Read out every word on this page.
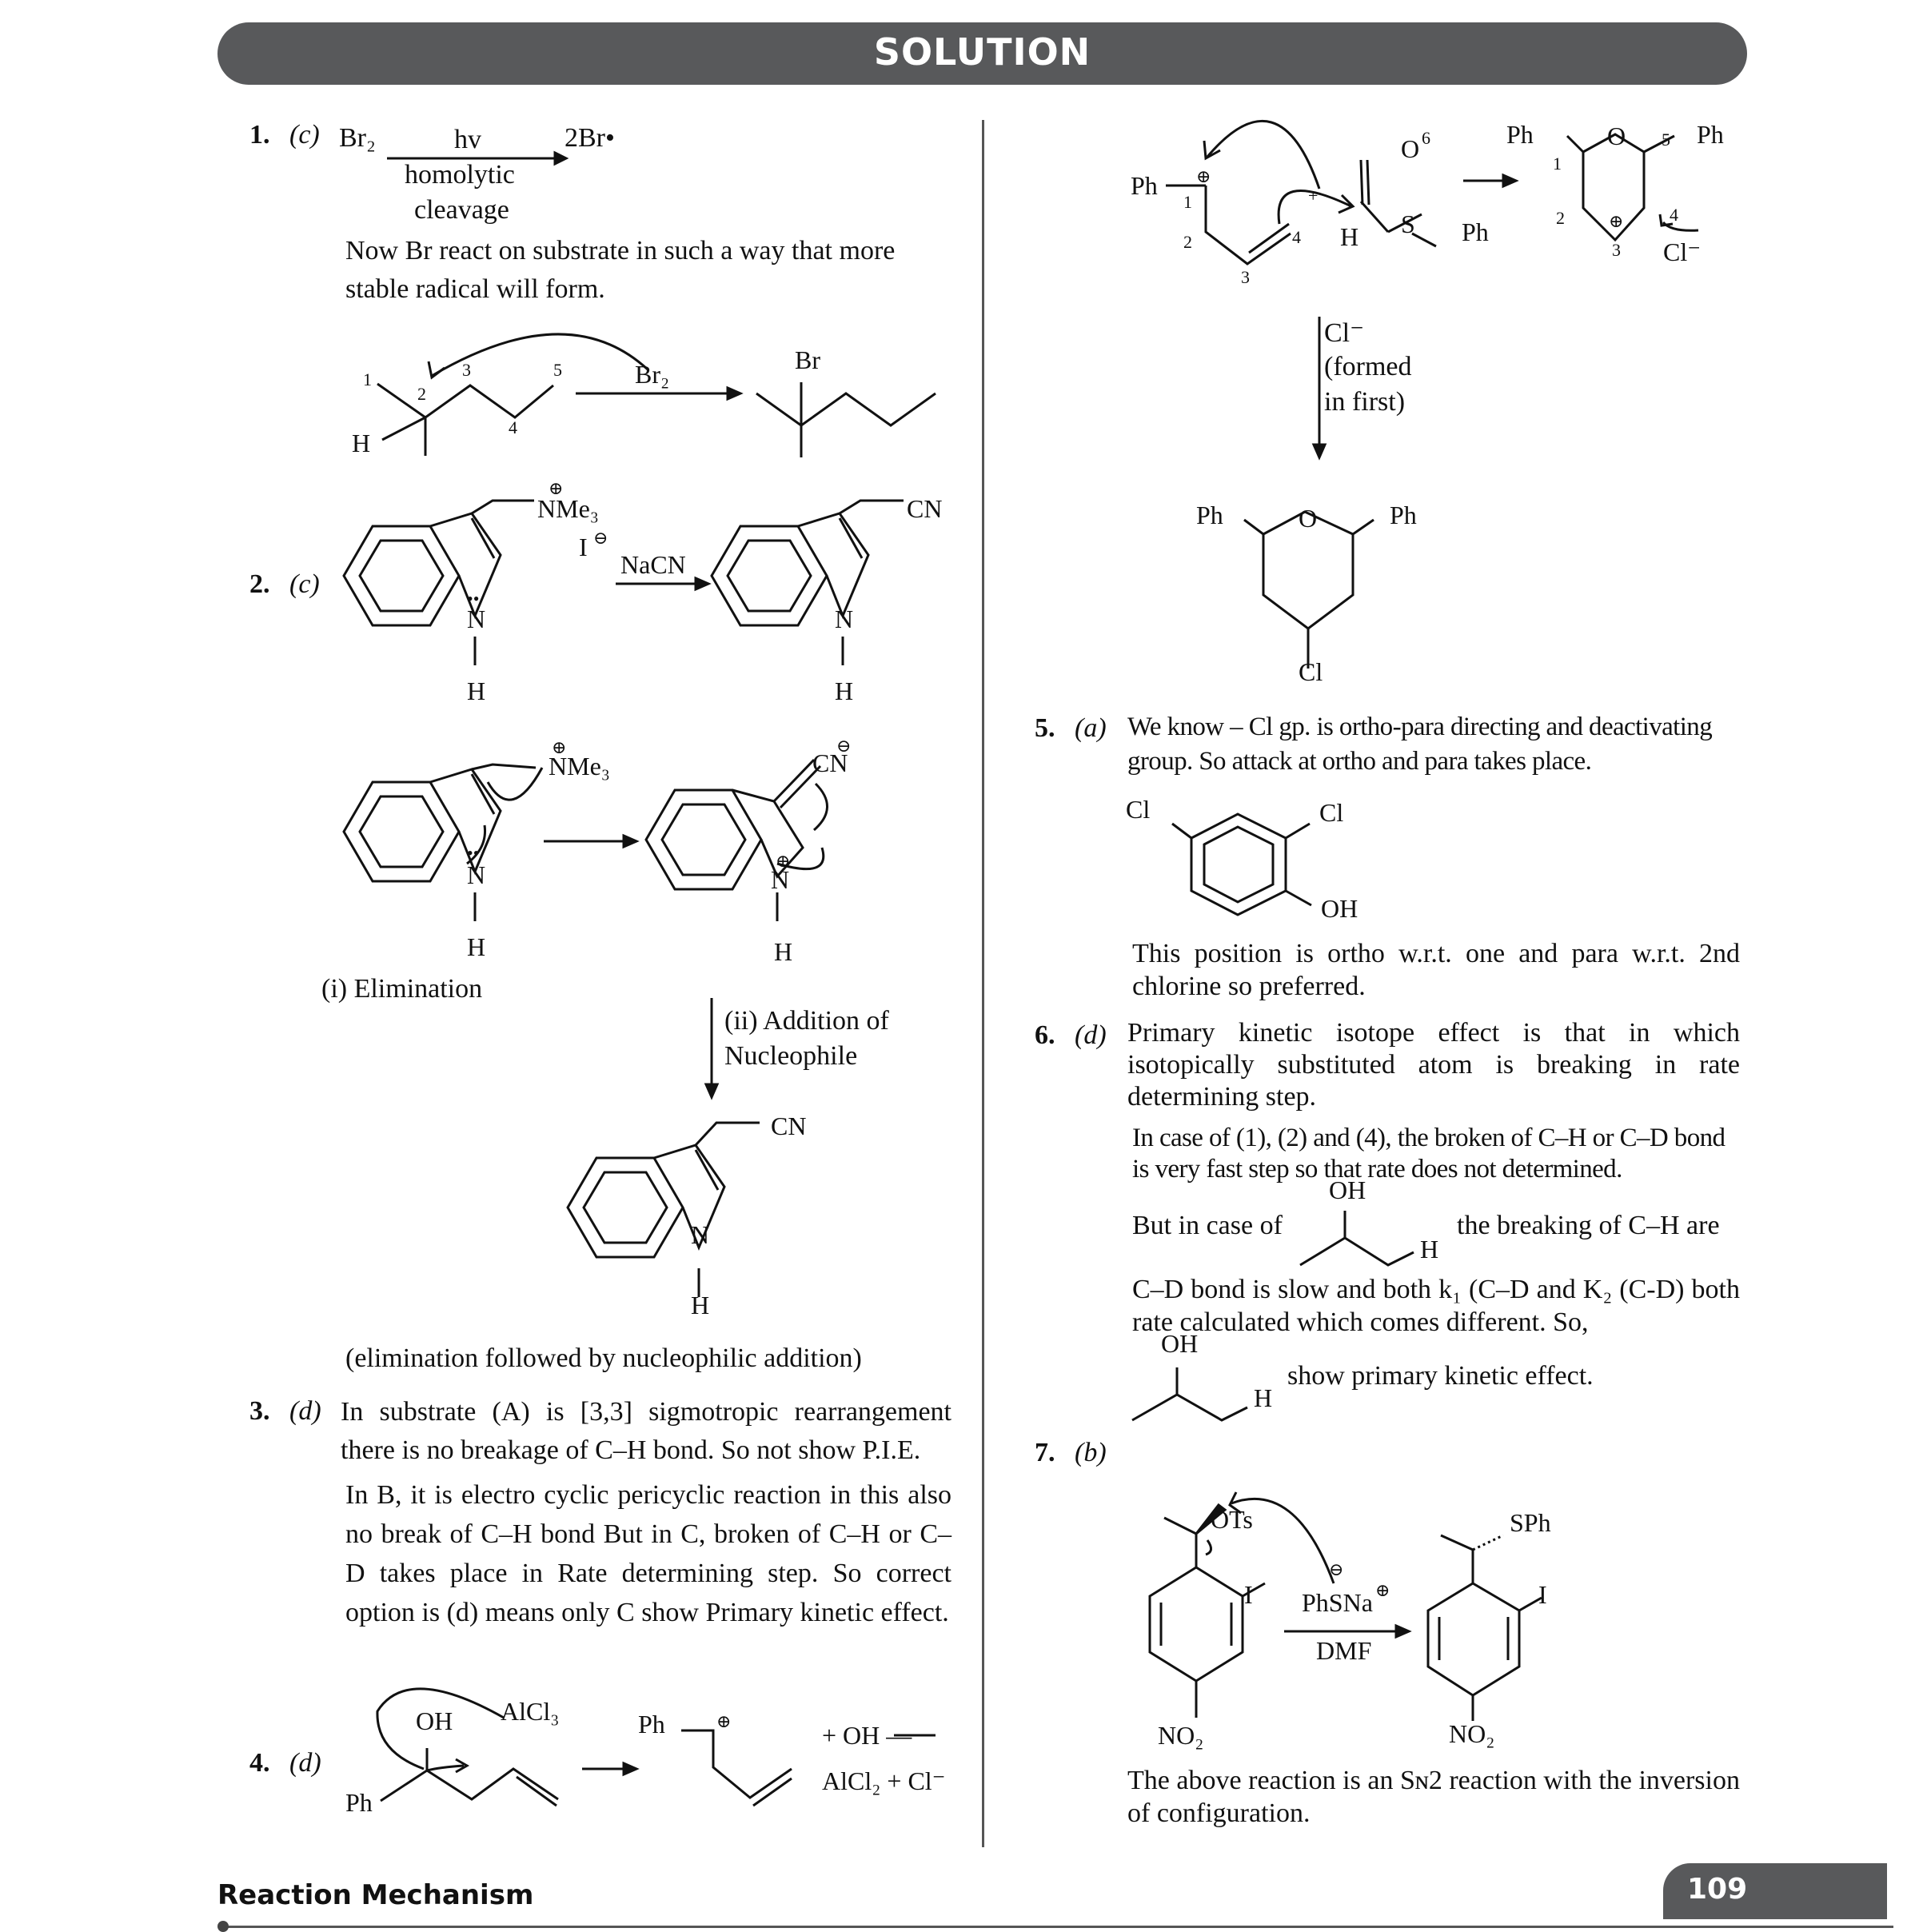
SOLUTION
1. (c) Br₂	hv	2Br•
homolytic
cleavage
Now Br react on substrate in such a way that more stable radical will form.
1
2
3
4
5
H
Br₂	Br
2. (c)
⊕
NMe₃
I ⊖
NaCN
N
••
H
CN
N
H
⊕
NMe₃
N
••
H
⊖
CN
⊕
N
H
(i) Elimination
(ii) Addition of
Nucleophile
CN
N
H
(elimination followed by nucleophilic addition)
3. (d) In substrate (A) is [3,3] sigmotropic rearrangement there is no breakage of C–H bond. So not show P.I.E.
In B, it is electro cyclic pericyclic reaction in this also no break of C–H bond But in C, broken of C–H or C–D takes place in Rate determining step. So correct option is (d) means only C show Primary kinetic effect.
4. (d)
OH AlCl₃
Ph
Ph	⊕	+ OH —
AlCl₂ + Cl⁻
Ph ⊕
1
2
3
4
+
H S Ph
O 6	Ph	O	Ph
1
5
2
3
⊕	4
Cl⁻
Cl⁻
(formed
in first)
Ph	O	Ph
Cl
5. (a) We know – Cl gp. is ortho-para directing and deactivating group. So attack at ortho and para takes place.
Cl	Cl
OH
This position is ortho w.r.t. one and para w.r.t. 2nd chlorine so preferred.
6. (d) Primary kinetic isotope effect is that in which isotopically substituted atom is breaking in rate determining step.
In case of (1), (2) and (4), the broken of C–H or C–D bond is very fast step so that rate does not determined.
But in case of
OH
H
the breaking of C–H are
C–D bond is slow and both k₁ (C–D and K₂ (C-D) both rate calculated which comes different. So,
OH
H
show primary kinetic effect.
7. (b)
OTs
I
NO₂
⊖
PhSNa ⊕
DMF
SPh
I
NO₂
The above reaction is an Sɴ2 reaction with the inversion of configuration.
Reaction Mechanism	109
